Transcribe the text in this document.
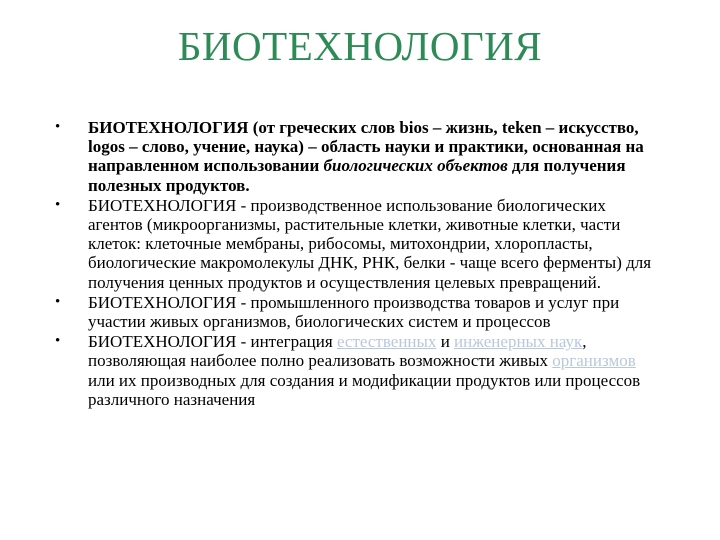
БИОТЕХНОЛОГИЯ
• БИОТЕХНОЛОГИЯ (от греческих слов bios – жизнь, teken – искусство, logos – слово, учение, наука) – область науки и практики, основанная на направленном использовании биологических объектов для получения полезных продуктов.
• БИОТЕХНОЛОГИЯ - производственное использование биологических агентов (микроорганизмы, растительные клетки, животные клетки, части клеток: клеточные мембраны, рибосомы, митохондрии, хлоропласты, биологические макромолекулы ДНК, РНК, белки - чаще всего ферменты) для получения ценных продуктов и осуществления целевых превращений.
• БИОТЕХНОЛОГИЯ - промышленного производства товаров и услуг при участии живых организмов, биологических систем и процессов
• БИОТЕХНОЛОГИЯ - интеграция естественных и инженерных наук, позволяющая наиболее полно реализовать возможности живых организмов или их производных для создания и модификации продуктов или процессов различного назначения
